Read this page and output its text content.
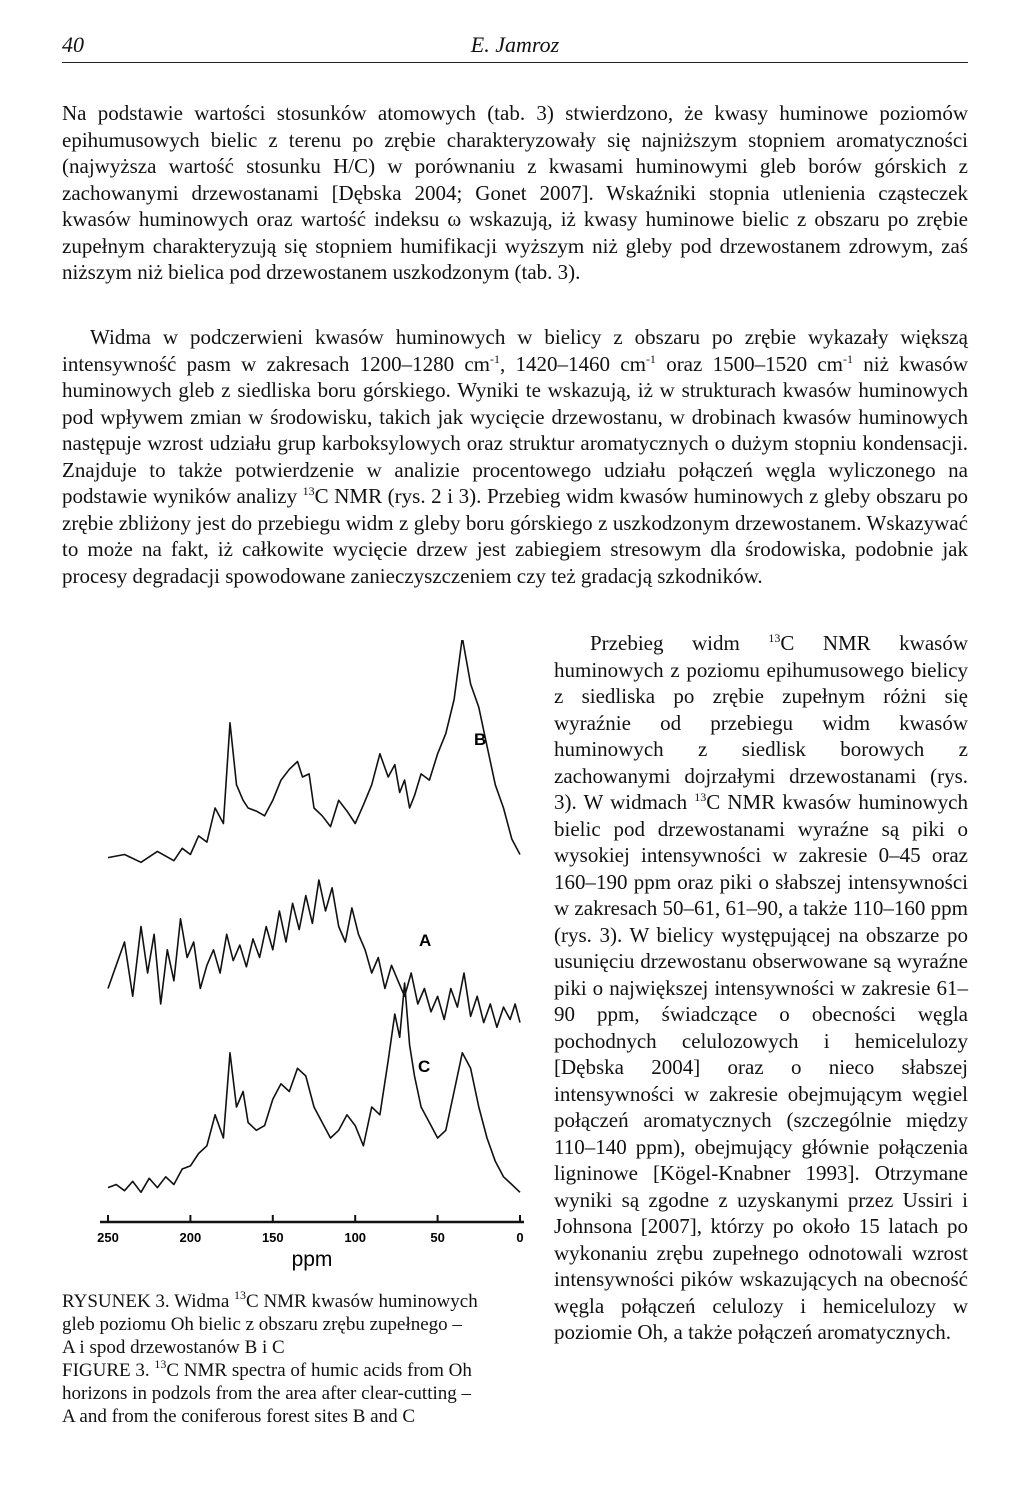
40	E. Jamroz
Na podstawie wartości stosunków atomowych (tab. 3) stwierdzono, że kwasy huminowe poziomów epihumusowych bielic z terenu po zrębie charakteryzowały się najniższym stopniem aromatyczności (najwyższa wartość stosunku H/C) w porównaniu z kwasami huminowymi gleb borów górskich z zachowanymi drzewostanami [Dębska 2004; Gonet 2007]. Wskaźniki stopnia utlenienia cząsteczek kwasów huminowych oraz wartość indeksu ω wskazują, iż kwasy huminowe bielic z obszaru po zrębie zupełnym charakteryzują się stopniem humifikacji wyższym niż gleby pod drzewostanem zdrowym, zaś niższym niż bielica pod drzewostanem uszkodzonym (tab. 3).
Widma w podczerwieni kwasów huminowych w bielicy z obszaru po zrębie wykazały większą intensywność pasm w zakresach 1200–1280 $cm^{-1}$, 1420–1460 $cm^{-1}$ oraz 1500–1520 $cm^{-1}$ niż kwasów huminowych gleb z siedliska boru górskiego. Wyniki te wskazują, iż w strukturach kwasów huminowych pod wpływem zmian w środowisku, takich jak wycięcie drzewostanu, w drobinach kwasów huminowych następuje wzrost udziału grup karboksylowych oraz struktur aromatycznych o dużym stopniu kondensacji. Znajduje to także potwierdzenie w analizie procentowego udziału połączeń węgla wyliczonego na podstawie wyników analizy $^{13}$C NMR (rys. 2 i 3). Przebieg widm kwasów huminowych z gleby obszaru po zrębie zbliżony jest do przebiegu widm z gleby boru górskiego z uszkodzonym drzewostanem. Wskazywać to może na fakt, iż całkowite wycięcie drzew jest zabiegiem stresowym dla środowiska, podobnie jak procesy degradacji spowodowane zanieczyszczeniem czy też gradacją szkodników.
Przebieg widm $^{13}$C NMR kwasów huminowych z poziomu epihumusowego bielicy z siedliska po zrębie zupełnym różni się wyraźnie od przebiegu widm kwasów huminowych z siedlisk borowych z zachowanymi dojrzałymi drzewostanami (rys. 3). W widmach $^{13}$C NMR kwasów huminowych bielic pod drzewostanami wyraźne są piki o wysokiej intensywności w zakresie 0–45 oraz 160–190 ppm oraz piki o słabszej intensywności w zakresach 50–61, 61–90, a także 110–160 ppm (rys. 3). W bielicy występującej na obszarze po usunięciu drzewostanu obserwowane są wyraźne piki o największej intensywności w zakresie 61–90 ppm, świadczące o obecności węgla pochodnych celulozowych i hemicelulozy [Dębska 2004] oraz o nieco słabszej intensywności w zakresie obejmującym węgiel połączeń aromatycznych (szczególnie między 110–140 ppm), obejmujący głównie połączenia ligninowe [Kögel-Knabner 1993]. Otrzymane wyniki są zgodne z uzyskanymi przez Ussiri i Johnsona [2007], którzy po około 15 latach po wykonaniu zrębu zupełnego odnotowali wzrost intensywności pików wskazujących na obecność węgla połączeń celulozy i hemicelulozy w poziomie Oh, a także połączeń aromatycznych.
250	200	150	100	50	0
B
A
C
ppm
RYSUNEK 3. Widma $^{13}$C NMR kwasów huminowych
gleb poziomu Oh bielic z obszaru zrębu zupełnego –
A i spod drzewostanów B i C
FIGURE 3. $^{13}$C NMR spectra of humic acids from Oh
horizons in podzols from the area after clear-cutting –
A and from the coniferous forest sites B and C
